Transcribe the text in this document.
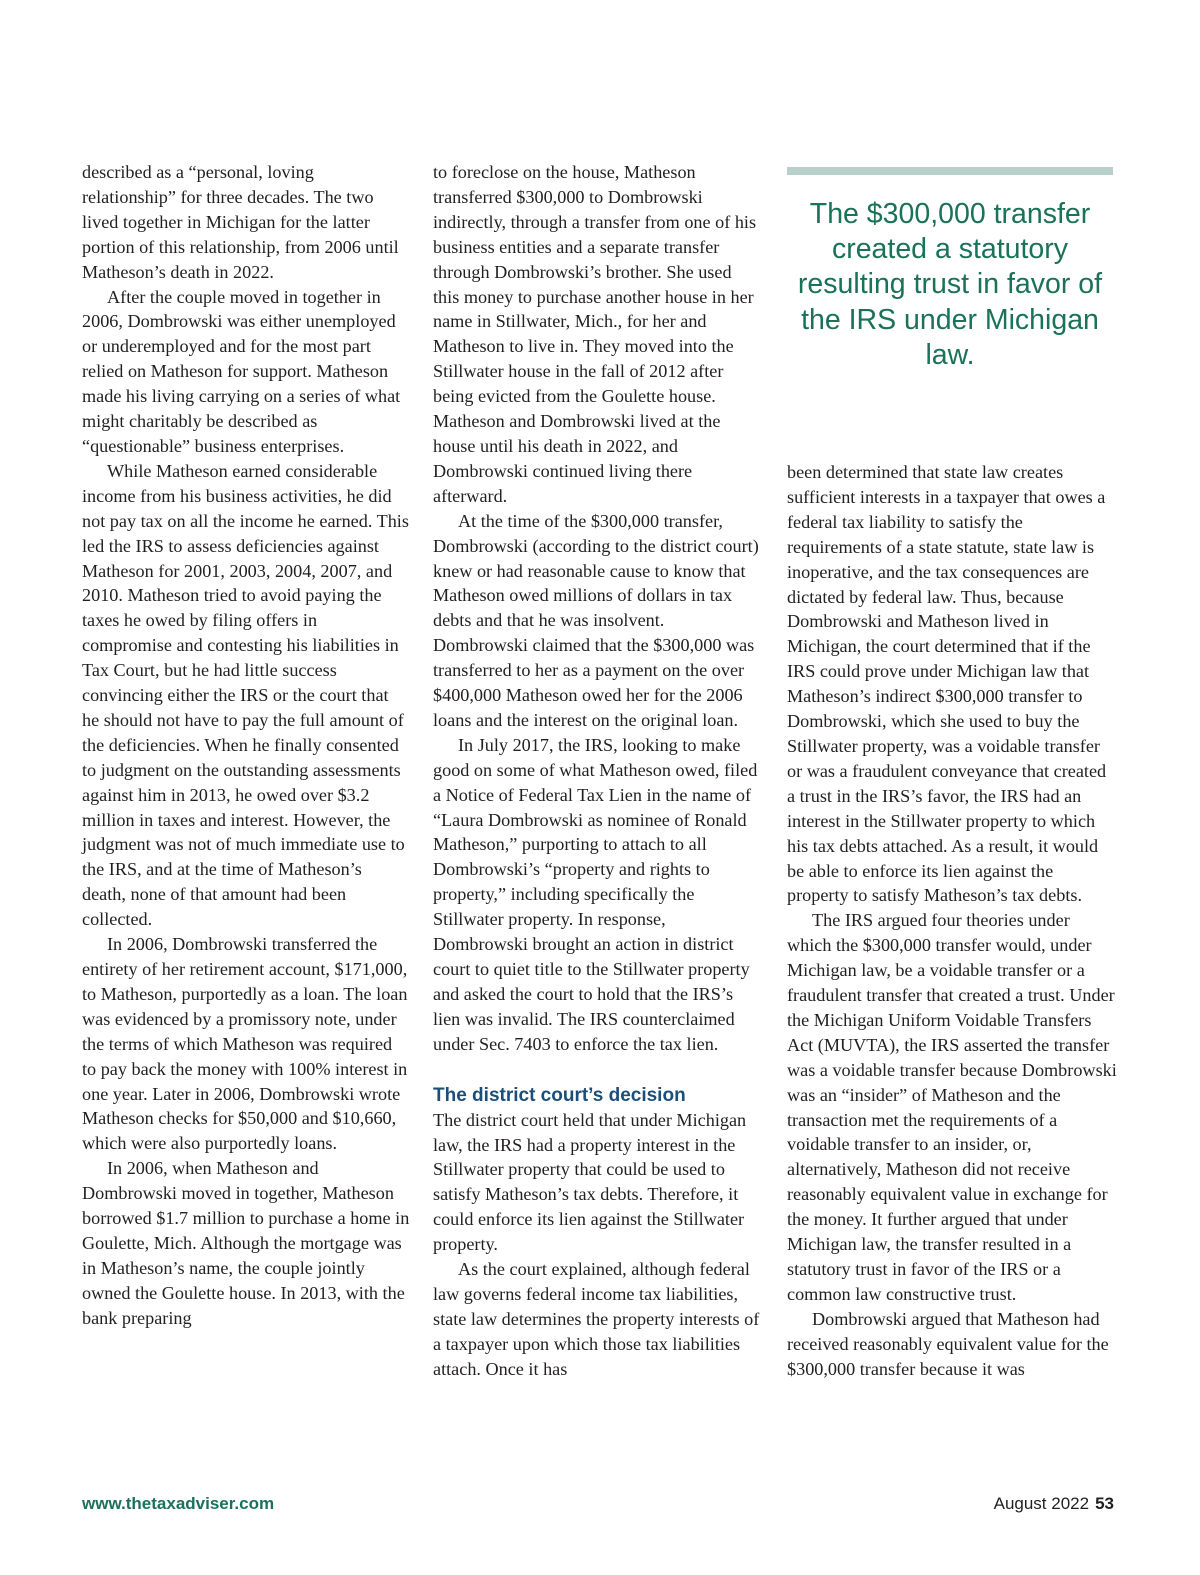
described as a “personal, loving relationship” for three decades. The two lived together in Michigan for the latter portion of this relationship, from 2006 until Matheson’s death in 2022.

After the couple moved in together in 2006, Dombrowski was either unemployed or underemployed and for the most part relied on Matheson for support. Matheson made his living carrying on a series of what might charitably be described as “questionable” business enterprises.

While Matheson earned considerable income from his business activities, he did not pay tax on all the income he earned. This led the IRS to assess deficiencies against Matheson for 2001, 2003, 2004, 2007, and 2010. Matheson tried to avoid paying the taxes he owed by filing offers in compromise and contesting his liabilities in Tax Court, but he had little success convincing either the IRS or the court that he should not have to pay the full amount of the deficiencies. When he finally consented to judgment on the outstanding assessments against him in 2013, he owed over $3.2 million in taxes and interest. However, the judgment was not of much immediate use to the IRS, and at the time of Matheson’s death, none of that amount had been collected.

In 2006, Dombrowski transferred the entirety of her retirement account, $171,000, to Matheson, purportedly as a loan. The loan was evidenced by a promissory note, under the terms of which Matheson was required to pay back the money with 100% interest in one year. Later in 2006, Dombrowski wrote Matheson checks for $50,000 and $10,660, which were also purportedly loans.

In 2006, when Matheson and Dombrowski moved in together, Matheson borrowed $1.7 million to purchase a home in Goulette, Mich. Although the mortgage was in Matheson’s name, the couple jointly owned the Goulette house. In 2013, with the bank preparing

to foreclose on the house, Matheson transferred $300,000 to Dombrowski indirectly, through a transfer from one of his business entities and a separate transfer through Dombrowski’s brother. She used this money to purchase another house in her name in Stillwater, Mich., for her and Matheson to live in. They moved into the Stillwater house in the fall of 2012 after being evicted from the Goulette house. Matheson and Dombrowski lived at the house until his death in 2022, and Dombrowski continued living there afterward.

At the time of the $300,000 transfer, Dombrowski (according to the district court) knew or had reasonable cause to know that Matheson owed millions of dollars in tax debts and that he was insolvent. Dombrowski claimed that the $300,000 was transferred to her as a payment on the over $400,000 Matheson owed her for the 2006 loans and the interest on the original loan.

In July 2017, the IRS, looking to make good on some of what Matheson owed, filed a Notice of Federal Tax Lien in the name of “Laura Dombrowski as nominee of Ronald Matheson,” purporting to attach to all Dombrowski’s “property and rights to property,” including specifically the Stillwater property. In response, Dombrowski brought an action in district court to quiet title to the Stillwater property and asked the court to hold that the IRS’s lien was invalid. The IRS counterclaimed under Sec. 7403 to enforce the tax lien.

The district court’s decision

The district court held that under Michigan law, the IRS had a property interest in the Stillwater property that could be used to satisfy Matheson’s tax debts. Therefore, it could enforce its lien against the Stillwater property.

As the court explained, although federal law governs federal income tax liabilities, state law determines the property interests of a taxpayer upon which those tax liabilities attach. Once it has

The $300,000 transfer created a statutory resulting trust in favor of the IRS under Michigan law.

been determined that state law creates sufficient interests in a taxpayer that owes a federal tax liability to satisfy the requirements of a state statute, state law is inoperative, and the tax consequences are dictated by federal law. Thus, because Dombrowski and Matheson lived in Michigan, the court determined that if the IRS could prove under Michigan law that Matheson’s indirect $300,000 transfer to Dombrowski, which she used to buy the Stillwater property, was a voidable transfer or was a fraudulent conveyance that created a trust in the IRS’s favor, the IRS had an interest in the Stillwater property to which his tax debts attached. As a result, it would be able to enforce its lien against the property to satisfy Matheson’s tax debts.

The IRS argued four theories under which the $300,000 transfer would, under Michigan law, be a voidable transfer or a fraudulent transfer that created a trust. Under the Michigan Uniform Voidable Transfers Act (MUVTA), the IRS asserted the transfer was a voidable transfer because Dombrowski was an “insider” of Matheson and the transaction met the requirements of a voidable transfer to an insider, or, alternatively, Matheson did not receive reasonably equivalent value in exchange for the money. It further argued that under Michigan law, the transfer resulted in a statutory trust in favor of the IRS or a common law constructive trust.

Dombrowski argued that Matheson had received reasonably equivalent value for the $300,000 transfer because it was

www.thetaxadviser.com	August 2022 53
